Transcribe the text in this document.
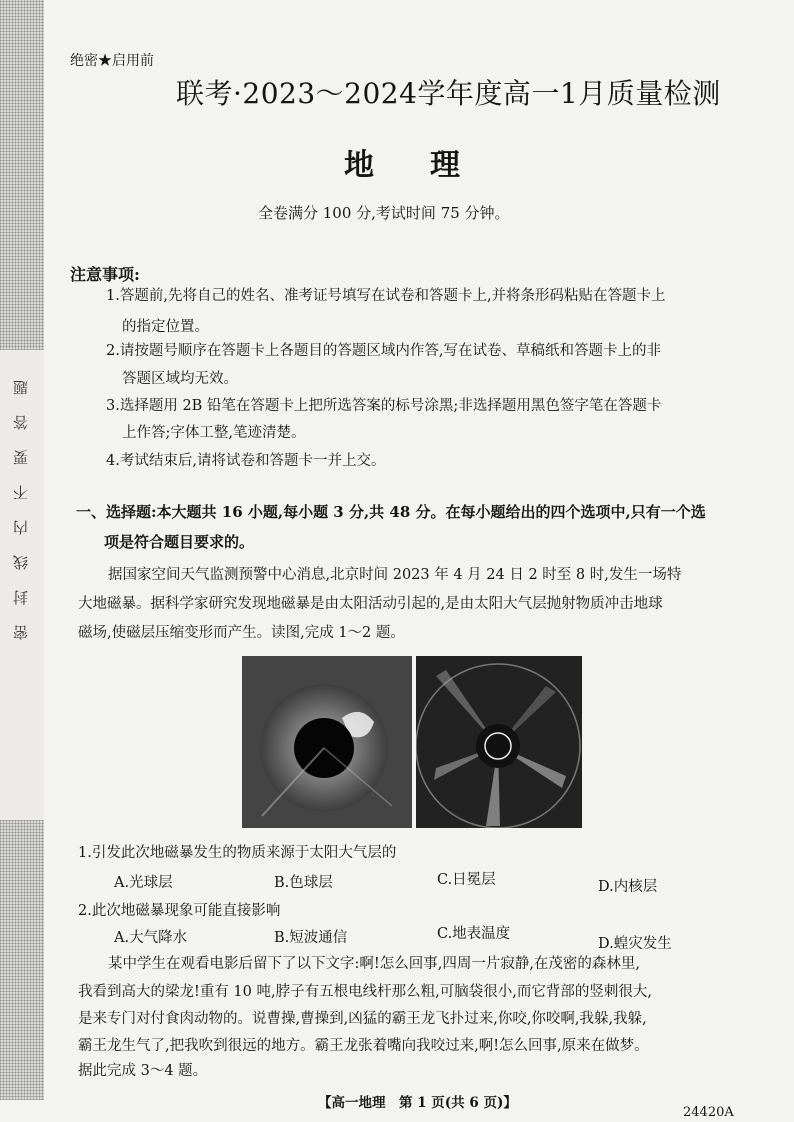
密封线内不要答题
绝密★启用前
联考·2023～2024学年度高一1月质量检测
地理
全卷满分 100 分,考试时间 75 分钟。
注意事项:
1.答题前,先将自己的姓名、准考证号填写在试卷和答题卡上,并将条形码粘贴在答题卡上
的指定位置。
2.请按题号顺序在答题卡上各题目的答题区域内作答,写在试卷、草稿纸和答题卡上的非
答题区域均无效。
3.选择题用 2B 铅笔在答题卡上把所选答案的标号涂黑;非选择题用黑色签字笔在答题卡
上作答;字体工整,笔迹清楚。
4.考试结束后,请将试卷和答题卡一并上交。
一、选择题:本大题共 16 小题,每小题 3 分,共 48 分。在每小题给出的四个选项中,只有一个选
项是符合题目要求的。
据国家空间天气监测预警中心消息,北京时间 2023 年 4 月 24 日 2 时至 8 时,发生一场特
大地磁暴。据科学家研究发现地磁暴是由太阳活动引起的,是由太阳大气层抛射物质冲击地球
磁场,使磁层压缩变形而产生。读图,完成 1～2 题。
1.引发此次地磁暴发生的物质来源于太阳大气层的
A.光球层	B.色球层	C.日冕层	D.内核层
2.此次地磁暴现象可能直接影响
A.大气降水	B.短波通信	C.地表温度
D.蝗灾发生
某中学生在观看电影后留下了以下文字:啊!怎么回事,四周一片寂静,在茂密的森林里,
我看到高大的梁龙!重有 10 吨,脖子有五根电线杆那么粗,可脑袋很小,而它背部的竖刺很大,
是来专门对付食肉动物的。说曹操,曹操到,凶猛的霸王龙飞扑过来,你咬,你咬啊,我躲,我躲,
霸王龙生气了,把我吹到很远的地方。霸王龙张着嘴向我咬过来,啊!怎么回事,原来在做梦。
据此完成 3～4 题。
【高一地理　第 1 页(共 6 页)】
24420A
